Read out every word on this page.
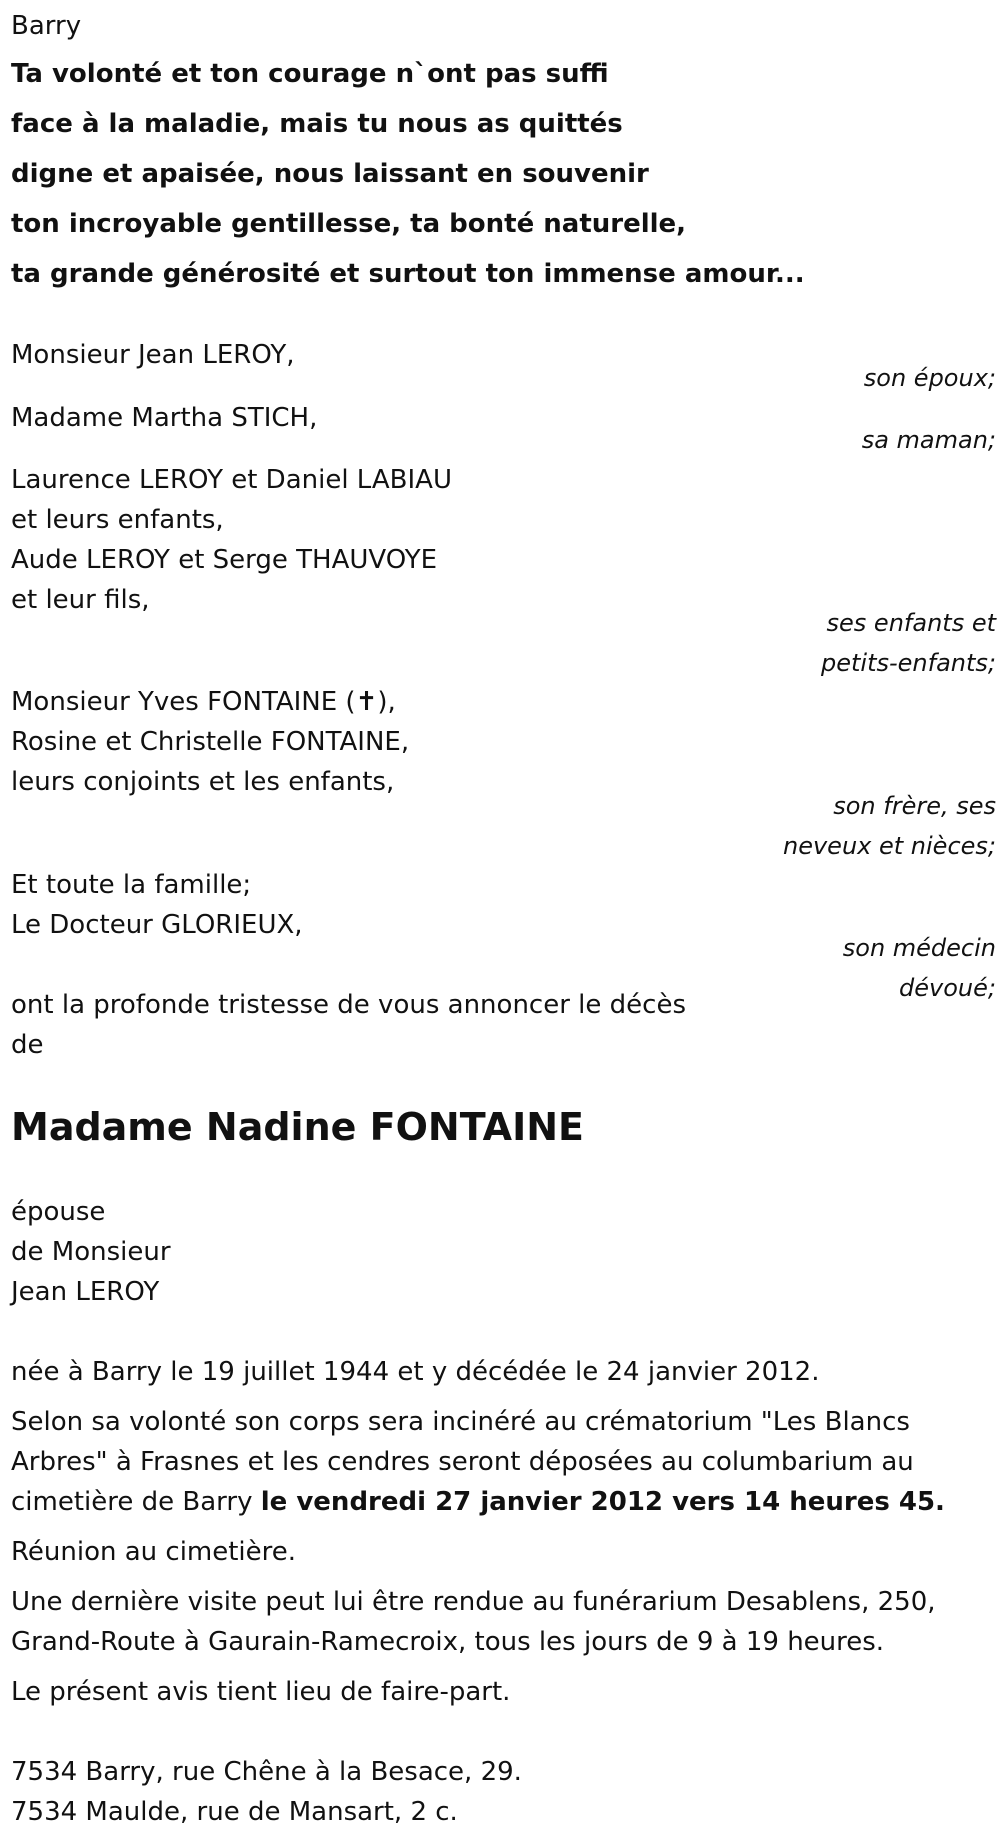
Barry
Ta volonté et ton courage n`ont pas suffi
face à la maladie, mais tu nous as quittés
digne et apaisée, nous laissant en souvenir
ton incroyable gentillesse, ta bonté naturelle,
ta grande générosité et surtout ton immense amour...
Monsieur Jean LEROY,
son époux;
Madame Martha STICH,
sa maman;
Laurence LEROY et Daniel LABIAU
et leurs enfants,
Aude LEROY et Serge THAUVOYE
et leur fils,
ses enfants et
petits-enfants;
Monsieur Yves FONTAINE (✝),
Rosine et Christelle FONTAINE,
leurs conjoints et les enfants,
son frère, ses
neveux et nièces;
Et toute la famille;
Le Docteur GLORIEUX,
son médecin
dévoué;
ont la profonde tristesse de vous annoncer le décès
de
Madame Nadine FONTAINE
épouse
de Monsieur
Jean LEROY
née à Barry le 19 juillet 1944 et y décédée le 24 janvier 2012.
Selon sa volonté son corps sera incinéré au crématorium "Les Blancs
Arbres" à Frasnes et les cendres seront déposées au columbarium au
cimetière de Barry le vendredi 27 janvier 2012 vers 14 heures 45.
Réunion au cimetière.
Une dernière visite peut lui être rendue au funérarium Desablens, 250,
Grand-Route à Gaurain-Ramecroix, tous les jours de 9 à 19 heures.
Le présent avis tient lieu de faire-part.
7534 Barry, rue Chêne à la Besace, 29.
7534 Maulde, rue de Mansart, 2 c.
